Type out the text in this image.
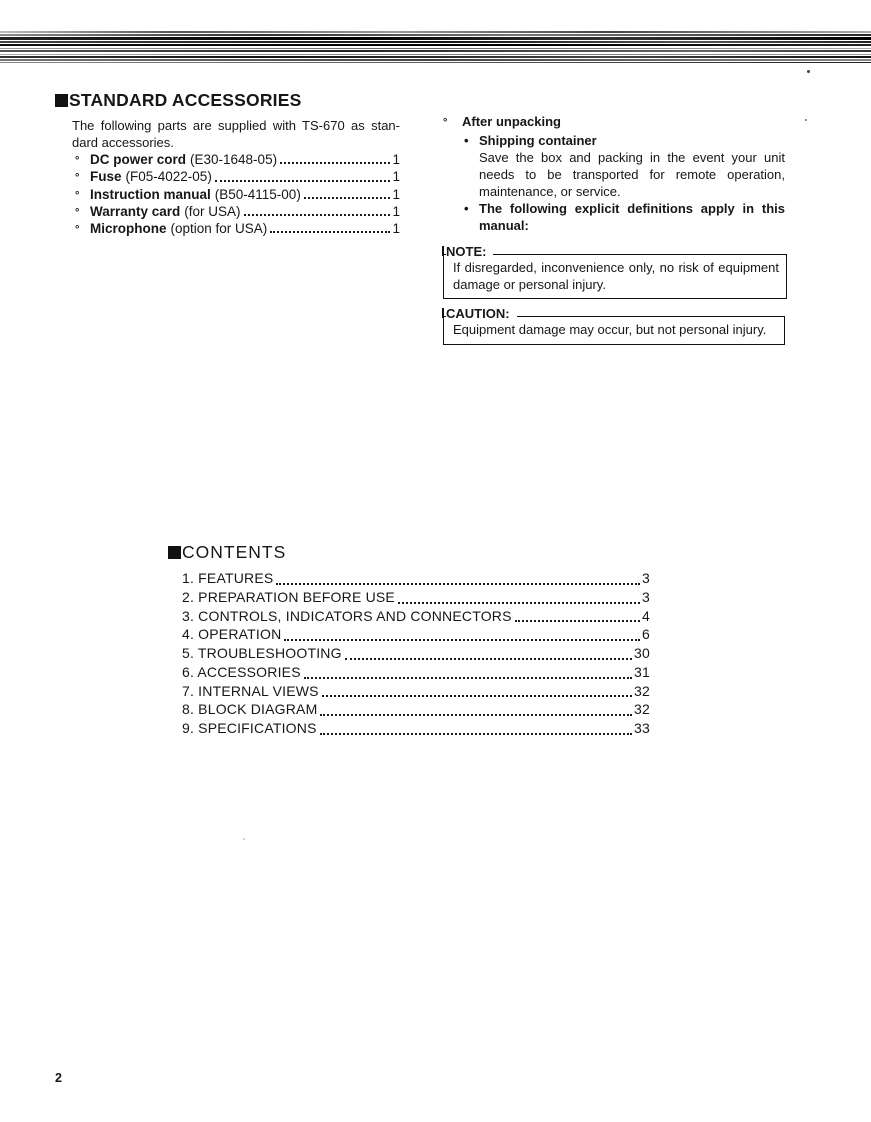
STANDARD ACCESSORIES
The following parts are supplied with TS-670 as stan-
dard accessories.
° DC power cord (E30-1648-05)	1
° Fuse (F05-4022-05)	1
° Instruction manual (B50-4115-00)	1
° Warranty card (for USA)	1
° Microphone (option for USA)	1
°	After unpacking
• Shipping container
Save the box and packing in the event your unit
needs to be transported for remote operation,
maintenance, or service.
• The following explicit definitions apply in this
manual:
NOTE:
If disregarded, inconvenience only, no risk of equipment
damage or personal injury.
CAUTION:
Equipment damage may occur, but not personal injury.
CONTENTS
1. FEATURES	3
2. PREPARATION BEFORE USE	3
3. CONTROLS, INDICATORS AND CONNECTORS	4
4. OPERATION	6
5. TROUBLESHOOTING	30
6. ACCESSORIES	31
7. INTERNAL VIEWS	32
8. BLOCK DIAGRAM	32
9. SPECIFICATIONS	33
2
